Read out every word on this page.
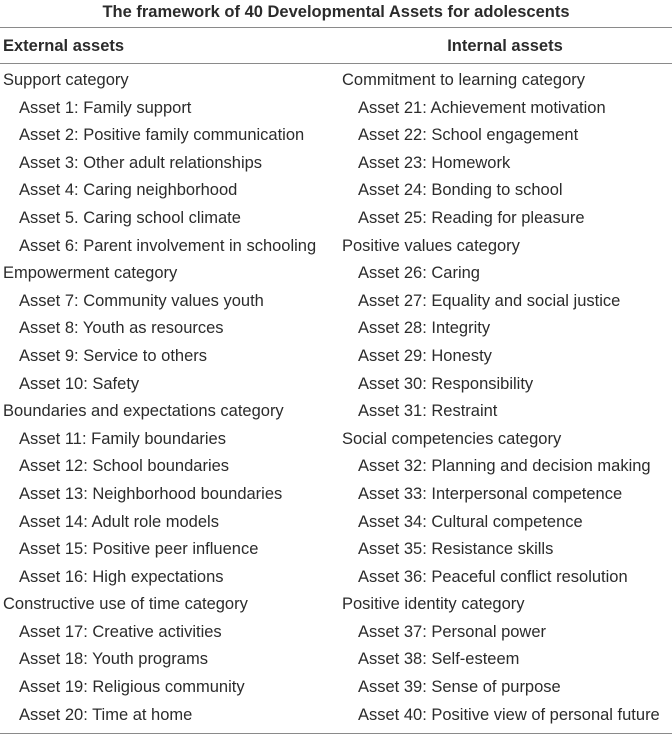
The framework of 40 Developmental Assets for adolescents
External assets	Internal assets
Support category
Asset 1: Family support
Asset 2: Positive family communication
Asset 3: Other adult relationships
Asset 4: Caring neighborhood
Asset 5. Caring school climate
Asset 6: Parent involvement in schooling
Empowerment category
Asset 7: Community values youth
Asset 8: Youth as resources
Asset 9: Service to others
Asset 10: Safety
Boundaries and expectations category
Asset 11: Family boundaries
Asset 12: School boundaries
Asset 13: Neighborhood boundaries
Asset 14: Adult role models
Asset 15: Positive peer influence
Asset 16: High expectations
Constructive use of time category
Asset 17: Creative activities
Asset 18: Youth programs
Asset 19: Religious community
Asset 20: Time at home
Commitment to learning category
Asset 21: Achievement motivation
Asset 22: School engagement
Asset 23: Homework
Asset 24: Bonding to school
Asset 25: Reading for pleasure
Positive values category
Asset 26: Caring
Asset 27: Equality and social justice
Asset 28: Integrity
Asset 29: Honesty
Asset 30: Responsibility
Asset 31: Restraint
Social competencies category
Asset 32: Planning and decision making
Asset 33: Interpersonal competence
Asset 34: Cultural competence
Asset 35: Resistance skills
Asset 36: Peaceful conflict resolution
Positive identity category
Asset 37: Personal power
Asset 38: Self-esteem
Asset 39: Sense of purpose
Asset 40: Positive view of personal future
